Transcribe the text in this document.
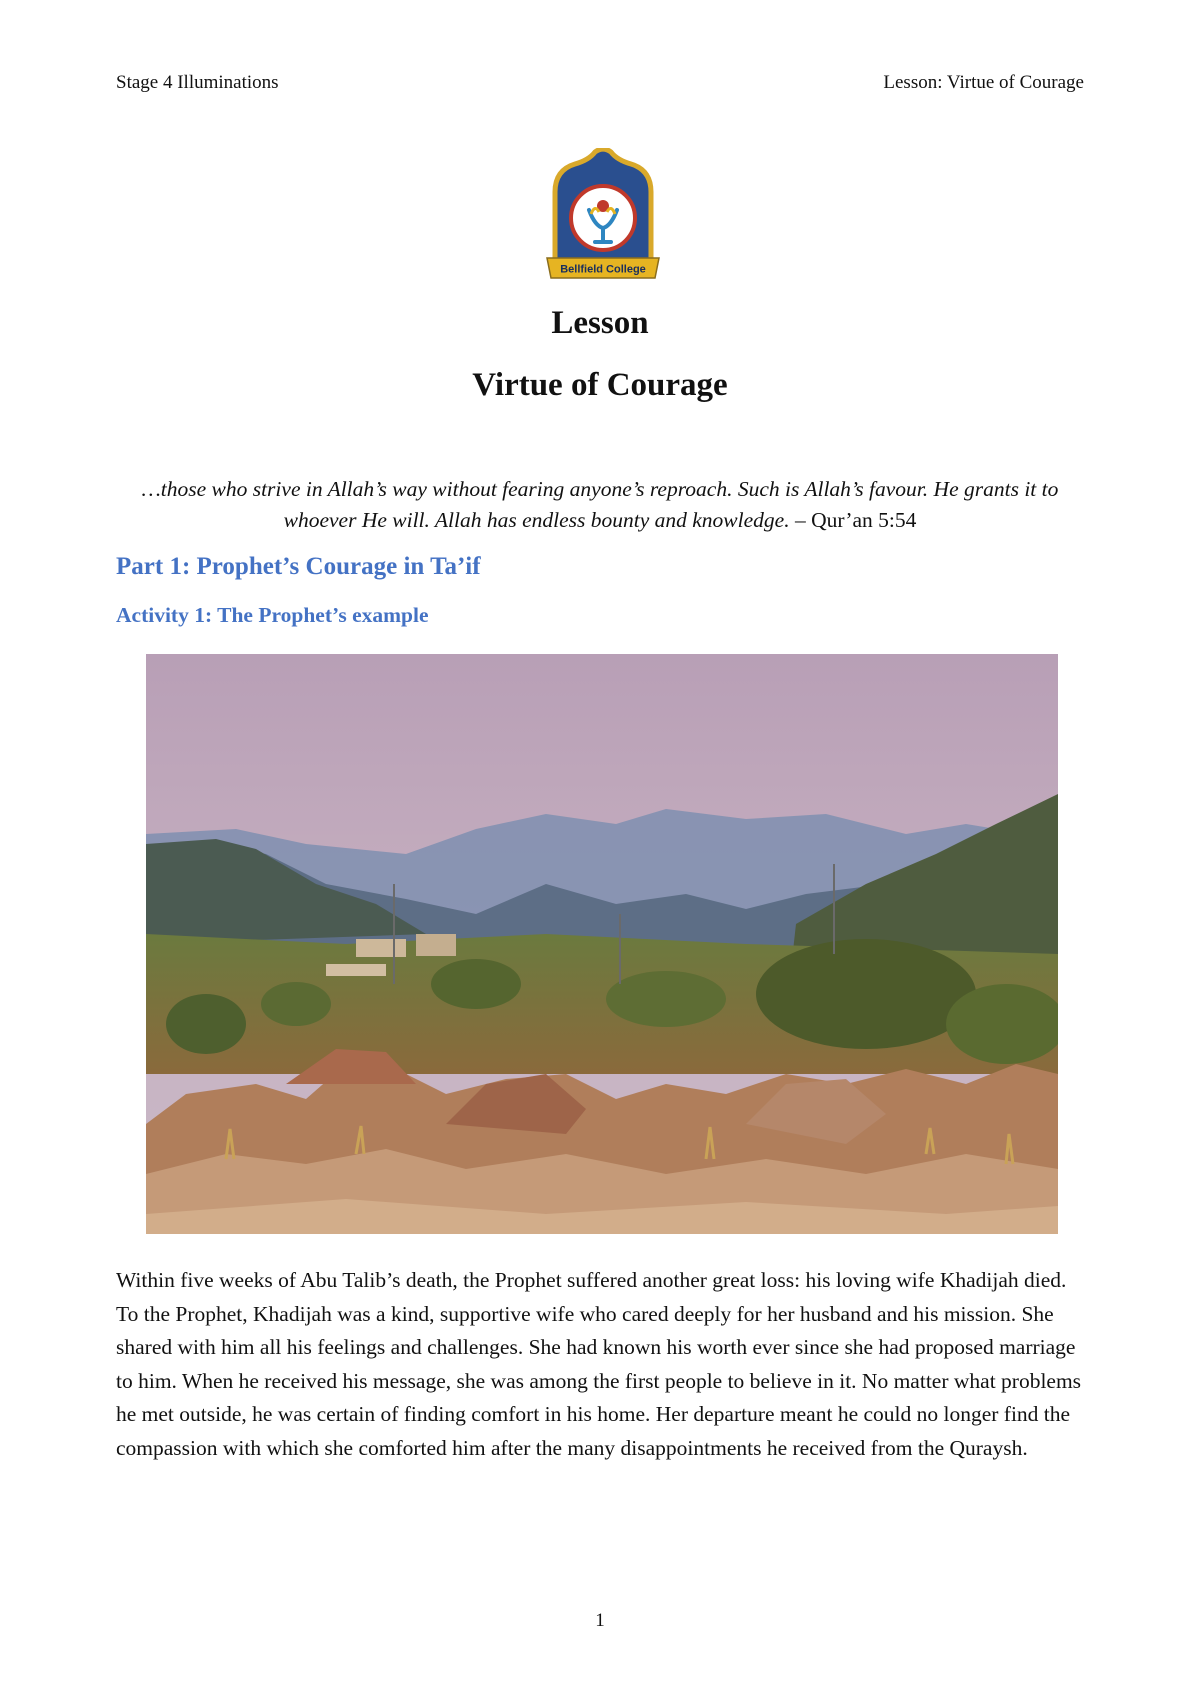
Stage 4 Illuminations	Lesson: Virtue of Courage
Bellfield College
Lesson
Virtue of Courage
…those who strive in Allah’s way without fearing anyone’s reproach. Such is Allah’s favour. He grants it to whoever He will. Allah has endless bounty and knowledge. – Qur’an 5:54
Part 1: Prophet’s Courage in Ta’if
Activity 1: The Prophet’s example
Within five weeks of Abu Talib’s death, the Prophet suffered another great loss: his loving wife Khadijah died. To the Prophet, Khadijah was a kind, supportive wife who cared deeply for her husband and his mission. She shared with him all his feelings and challenges. She had known his worth ever since she had proposed marriage to him. When he received his message, she was among the first people to believe in it. No matter what problems he met outside, he was certain of finding comfort in his home. Her departure meant he could no longer find the compassion with which she comforted him after the many disappointments he received from the Quraysh.
1
